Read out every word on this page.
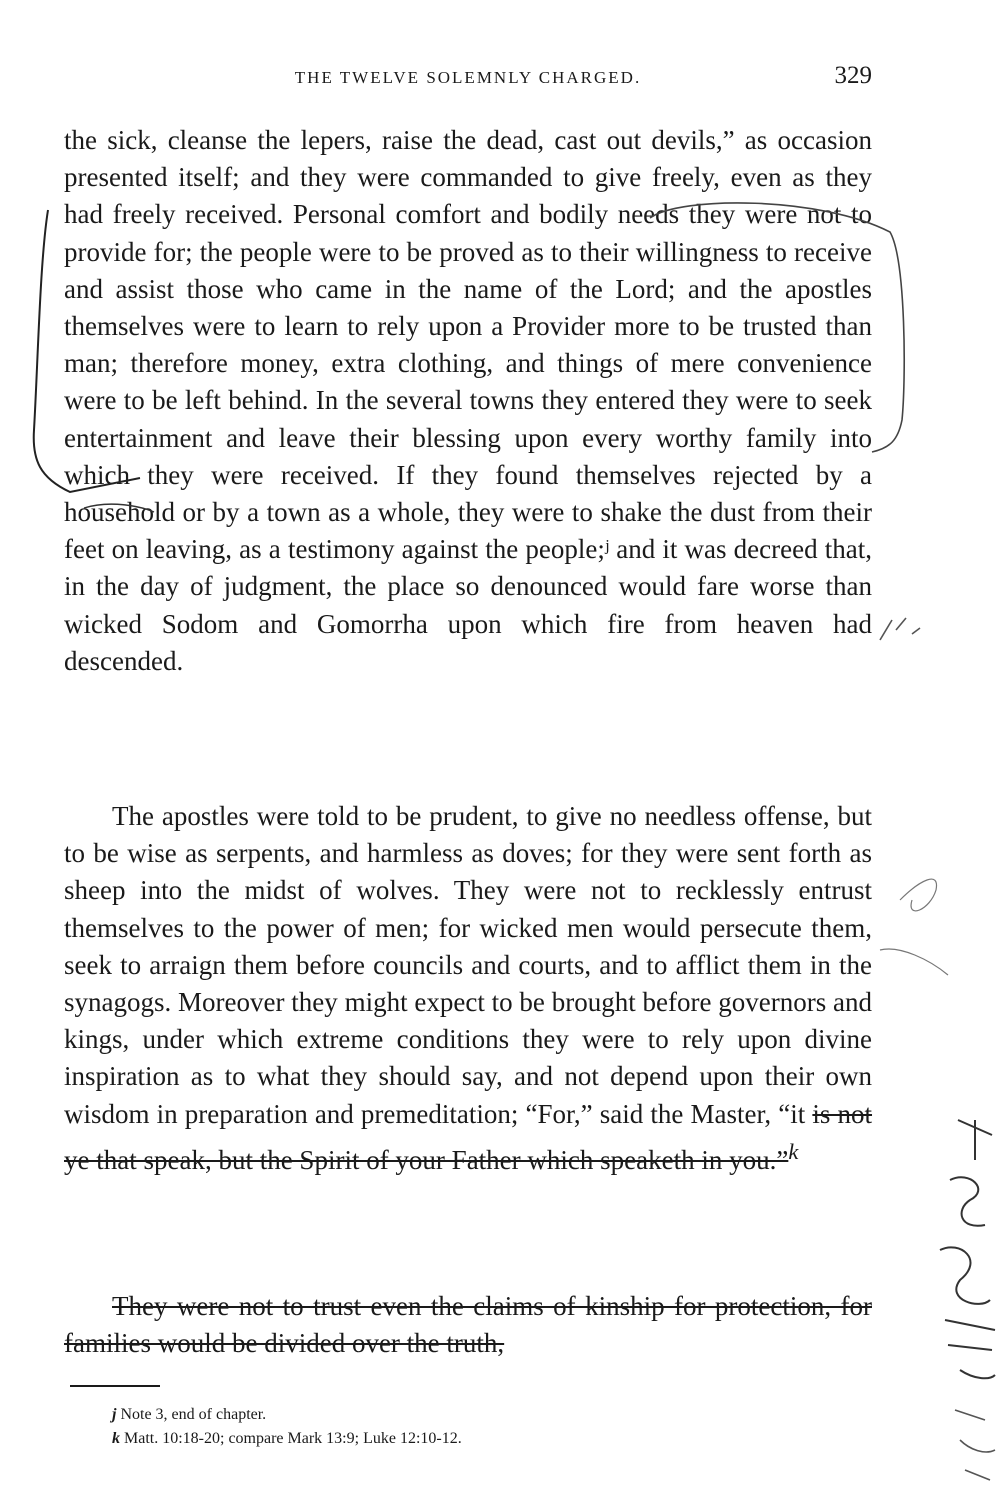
THE TWELVE SOLEMNLY CHARGED.	329

the sick, cleanse the lepers, raise the dead, cast out devils,” as occasion presented itself; and they were commanded to give freely, even as they had freely received. Personal comfort and bodily needs they were not to provide for; the people were to be proved as to their willingness to receive and assist those who came in the name of the Lord; and the apostles themselves were to learn to rely upon a Provider more to be trusted than man; therefore money, extra clothing, and things of mere convenience were to be left behind. In the several towns they entered they were to seek entertainment and leave their blessing upon every worthy family into which they were received. If they found themselves rejected by a household or by a town as a whole, they were to shake the dust from their feet on leaving, as a testimony against the people;ʲ and it was decreed that, in the day of judgment, the place so denounced would fare worse than wicked Sodom and Gomorrha upon which fire from heaven had descended.

The apostles were told to be prudent, to give no needless offense, but to be wise as serpents, and harmless as doves; for they were sent forth as sheep into the midst of wolves. They were not to recklessly entrust themselves to the power of men; for wicked men would persecute them, seek to arraign them before councils and courts, and to afflict them in the synagogs. Moreover they might expect to be brought before governors and kings, under which extreme conditions they were to rely upon divine inspiration as to what they should say, and not depend upon their own wisdom in preparation and premeditation; “For,” said the Master, “it is not ye that speak, but the Spirit of your Father which speaketh in you.”$^k$

They were not to trust even the claims of kinship for protection, for families would be divided over the truth,

j Note 3, end of chapter.
k Matt. 10:18-20; compare Mark 13:9; Luke 12:10-12.
